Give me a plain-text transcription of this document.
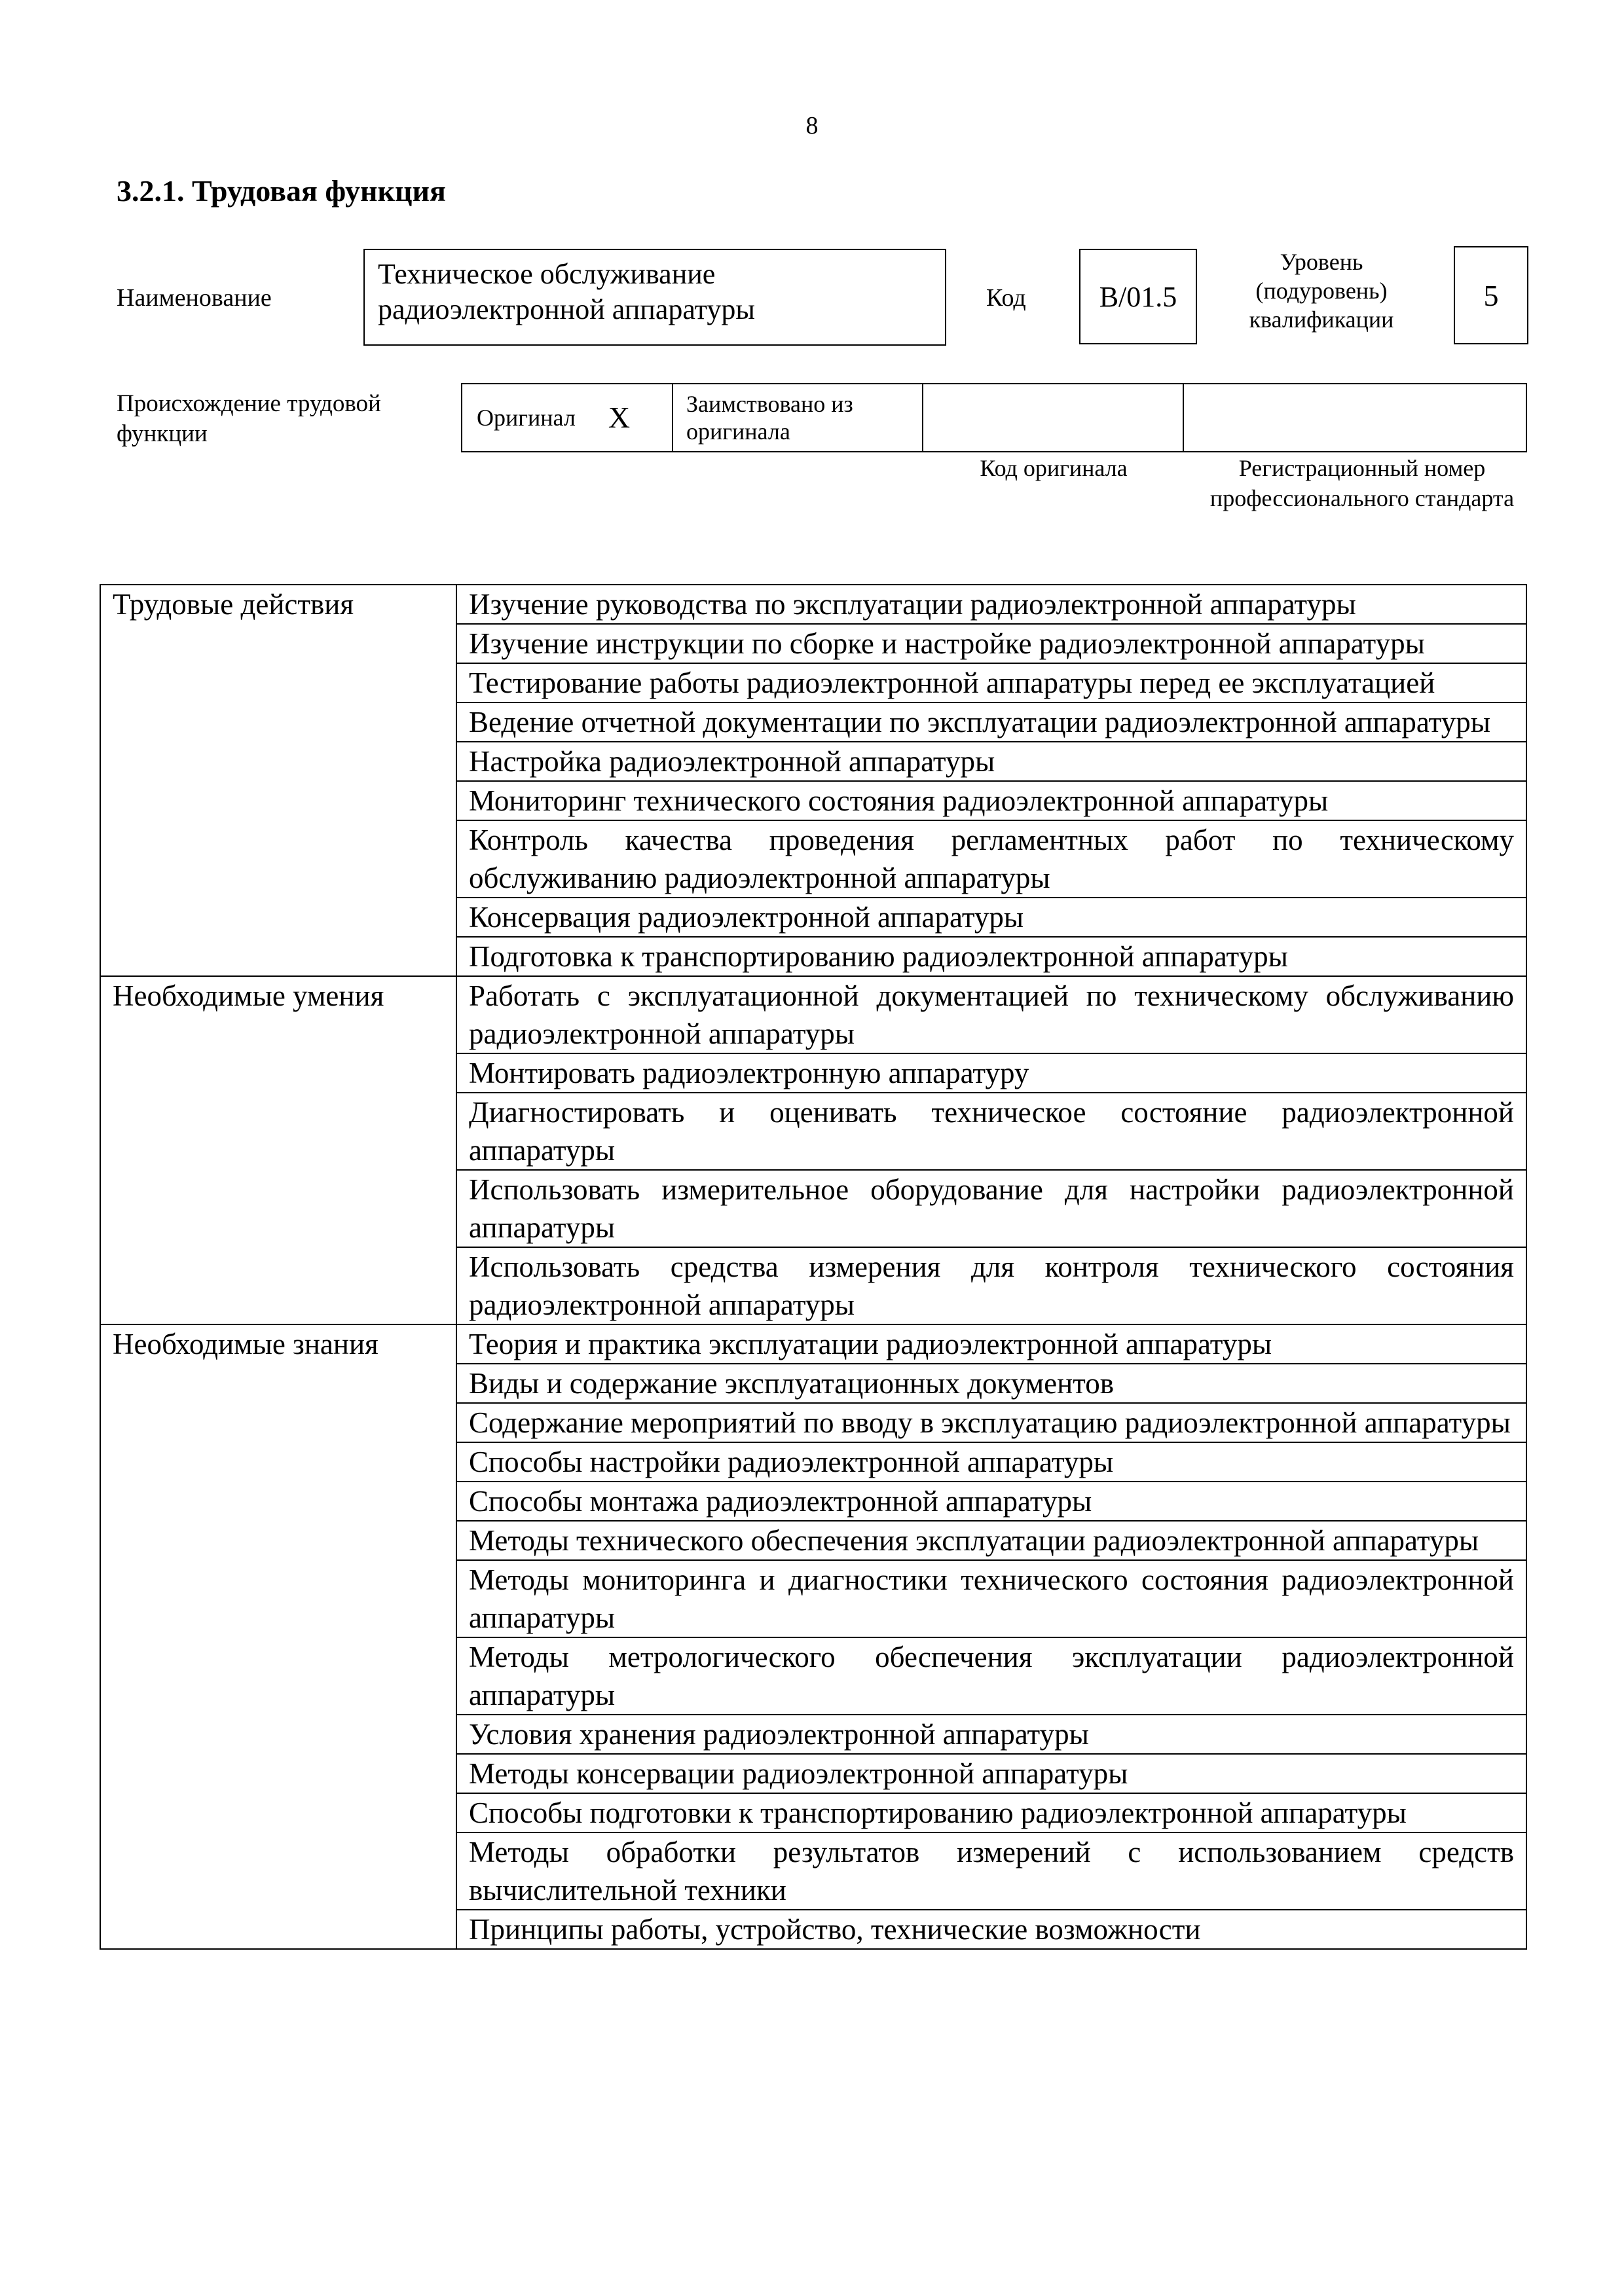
8
3.2.1. Трудовая функция
Наименование
Техническое обслуживание радиоэлектронной аппаратуры	Код	B/01.5
Уровень (подуровень) квалификации
5
Происхождение трудовой функции
Оригинал X Заимствовано из оригинала
Код оригинала	Регистрационный номер профессионального стандарта
Трудовые действия	Изучение руководства по эксплуатации радиоэлектронной аппаратуры
	Изучение инструкции по сборке и настройке радиоэлектронной аппаратуры
	Тестирование работы радиоэлектронной аппаратуры перед ее эксплуатацией
	Ведение отчетной документации по эксплуатации радиоэлектронной аппаратуры
	Настройка радиоэлектронной аппаратуры
	Мониторинг технического состояния радиоэлектронной аппаратуры
	Контроль качества проведения регламентных работ по техническому обслуживанию радиоэлектронной аппаратуры
	Консервация радиоэлектронной аппаратуры
	Подготовка к транспортированию радиоэлектронной аппаратуры
Необходимые умения	Работать с эксплуатационной документацией по техническому обслуживанию радиоэлектронной аппаратуры
	Монтировать радиоэлектронную аппаратуру
	Диагностировать и оценивать техническое состояние радиоэлектронной аппаратуры
	Использовать измерительное оборудование для настройки радиоэлектронной аппаратуры
	Использовать средства измерения для контроля технического состояния радиоэлектронной аппаратуры
Необходимые знания	Теория и практика эксплуатации радиоэлектронной аппаратуры
	Виды и содержание эксплуатационных документов
	Содержание мероприятий по вводу в эксплуатацию радиоэлектронной аппаратуры
	Способы настройки радиоэлектронной аппаратуры
	Способы монтажа радиоэлектронной аппаратуры
	Методы технического обеспечения эксплуатации радиоэлектронной аппаратуры
	Методы мониторинга и диагностики технического состояния радиоэлектронной аппаратуры
	Методы метрологического обеспечения эксплуатации радиоэлектронной аппаратуры
	Условия хранения радиоэлектронной аппаратуры
	Методы консервации радиоэлектронной аппаратуры
	Способы подготовки к транспортированию радиоэлектронной аппаратуры
	Методы обработки результатов измерений с использованием средств вычислительной техники
	Принципы работы, устройство, технические возможности
